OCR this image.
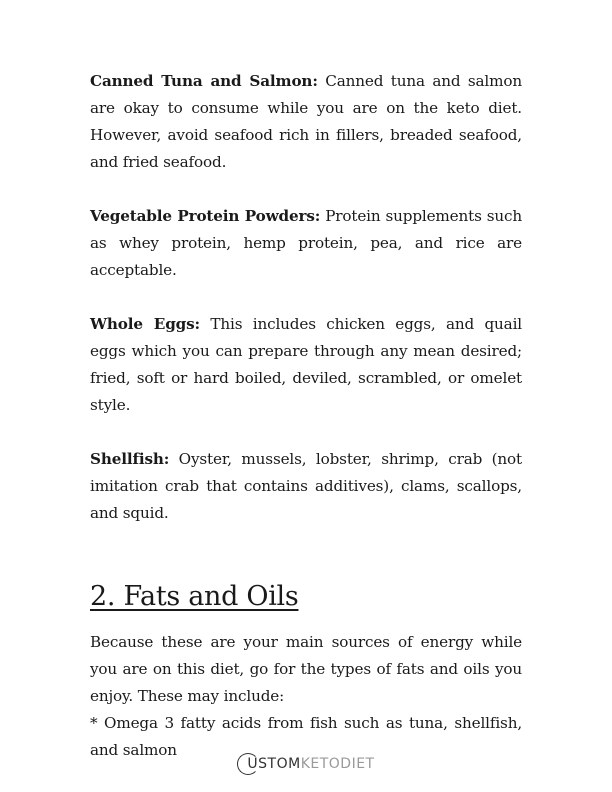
Canned Tuna and Salmon: Canned tuna and salmon are okay to consume while you are on the keto diet. However, avoid seafood rich in fillers, breaded seafood, and fried seafood.

Vegetable Protein Powders: Protein supplements such as whey protein, hemp protein, pea, and rice are acceptable.

Whole Eggs: This includes chicken eggs, and quail eggs which you can prepare through any mean desired; fried, soft or hard boiled, deviled, scrambled, or omelet style.

Shellfish: Oyster, mussels, lobster, shrimp, crab (not imitation crab that contains additives), clams, scallops, and squid.

2. Fats and Oils

Because these are your main sources of energy while you are on this diet, go for the types of fats and oils you enjoy. These may include:

* Omega 3 fatty acids from fish such as tuna, shellfish, and salmon

USTOM KETODIET
